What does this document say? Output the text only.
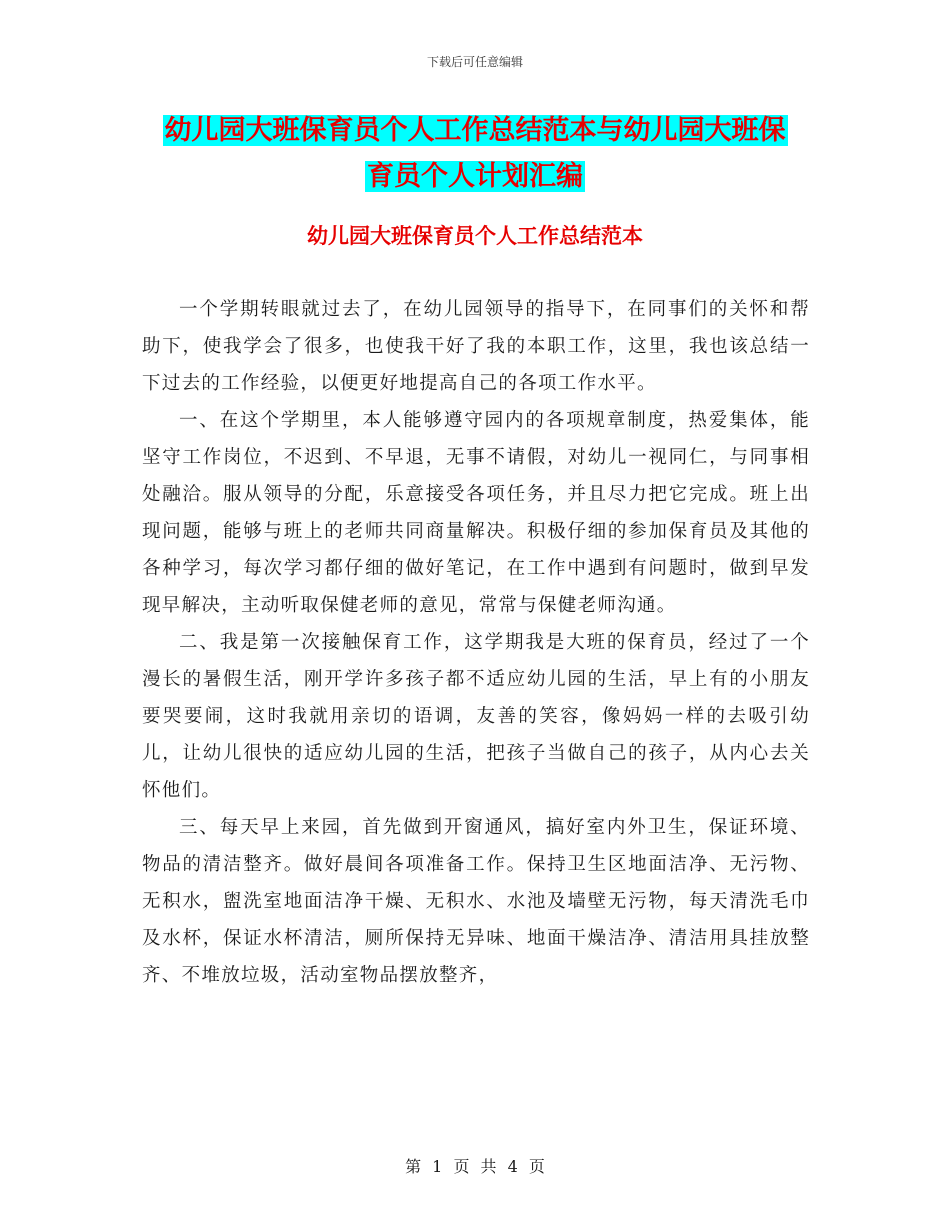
下载后可任意编辑
幼儿园大班保育员个人工作总结范本与幼儿园大班保
育员个人计划汇编
幼儿园大班保育员个人工作总结范本

一个学期转眼就过去了，在幼儿园领导的指导下，在同事们的关怀和帮助下，使我学会了很多，也使我干好了我的本职工作，这里，我也该总结一下过去的工作经验，以便更好地提高自己的各项工作水平。

一、在这个学期里，本人能够遵守园内的各项规章制度，热爱集体，能坚守工作岗位，不迟到、不早退，无事不请假，对幼儿一视同仁，与同事相处融洽。服从领导的分配，乐意接受各项任务，并且尽力把它完成。班上出现问题，能够与班上的老师共同商量解决。积极仔细的参加保育员及其他的各种学习，每次学习都仔细的做好笔记，在工作中遇到有问题时，做到早发现早解决，主动听取保健老师的意见，常常与保健老师沟通。

二、我是第一次接触保育工作，这学期我是大班的保育员，经过了一个漫长的暑假生活，刚开学许多孩子都不适应幼儿园的生活，早上有的小朋友要哭要闹，这时我就用亲切的语调，友善的笑容，像妈妈一样的去吸引幼儿，让幼儿很快的适应幼儿园的生活，把孩子当做自己的孩子，从内心去关怀他们。

三、每天早上来园，首先做到开窗通风，搞好室内外卫生，保证环境、物品的清洁整齐。做好晨间各项准备工作。保持卫生区地面洁净、无污物、无积水，盥洗室地面洁净干燥、无积水、水池及墙壁无污物，每天清洗毛巾及水杯，保证水杯清洁，厕所保持无异味、地面干燥洁净、清洁用具挂放整齐、不堆放垃圾，活动室物品摆放整齐，

第 1 页 共 4 页
